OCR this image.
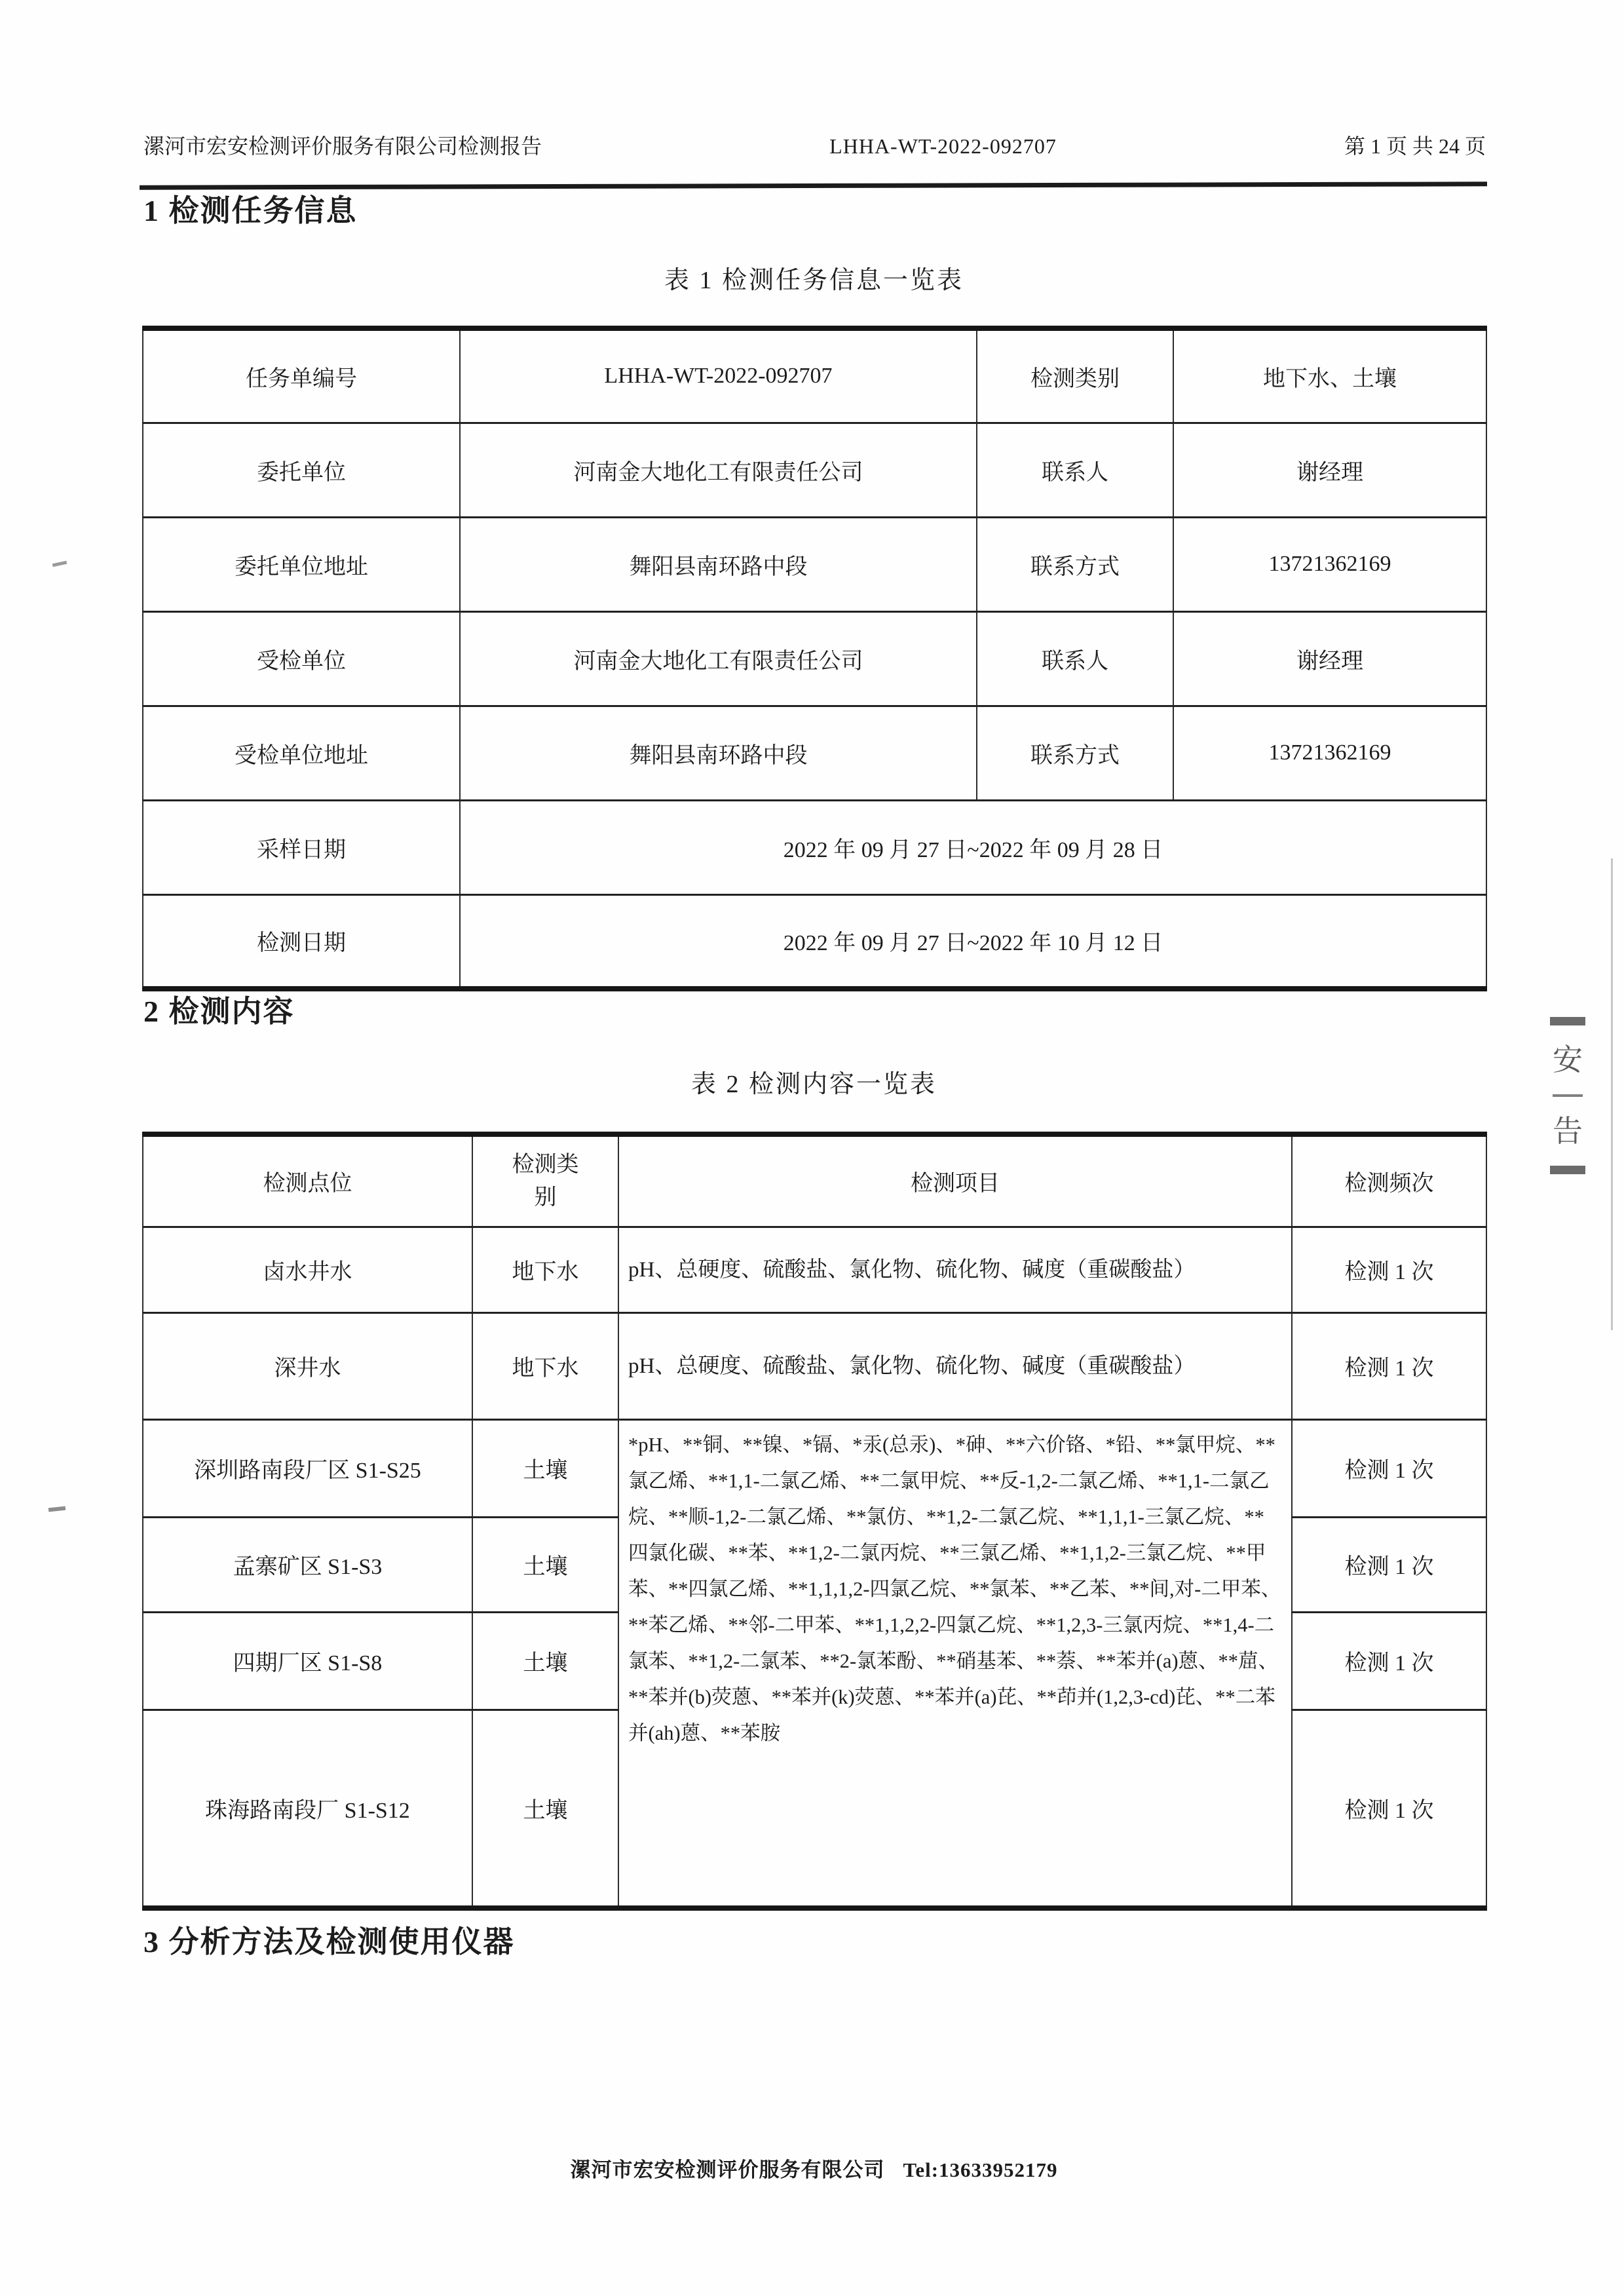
漯河市宏安检测评价服务有限公司检测报告	LHHA-WT-2022-092707	第 1 页 共 24 页
1 检测任务信息
表 1 检测任务信息一览表
任务单编号	LHHA-WT-2022-092707	检测类别	地下水、土壤
委托单位	河南金大地化工有限责任公司	联系人	谢经理
委托单位地址	舞阳县南环路中段	联系方式	13721362169
受检单位	河南金大地化工有限责任公司	联系人	谢经理
受检单位地址	舞阳县南环路中段	联系方式	13721362169
采样日期	2022 年 09 月 27 日~2022 年 09 月 28 日		
检测日期	2022 年 09 月 27 日~2022 年 10 月 12 日		
2 检测内容
表 2 检测内容一览表
检测点位	检测类别	检测项目	检测频次
卤水井水	地下水	pH、总硬度、硫酸盐、氯化物、硫化物、碱度（重碳酸盐）	检测 1 次
深井水	地下水	pH、总硬度、硫酸盐、氯化物、硫化物、碱度（重碳酸盐）	检测 1 次
深圳路南段厂区 S1-S25	土壤	*pH、**铜、**镍、*镉、*汞(总汞)、*砷、**六价铬、*铅、**氯甲烷、**氯乙烯、**1,1-二氯乙烯、**二氯甲烷、**反-1,2-二氯乙烯、**1,1-二氯乙烷、**顺-1,2-二氯乙烯、**氯仿、**1,2-二氯乙烷、**1,1,1-三氯乙烷、**四氯化碳、**苯、**1,2-二氯丙烷、**三氯乙烯、**1,1,2-三氯乙烷、**甲苯、**四氯乙烯、**1,1,1,2-四氯乙烷、**氯苯、**乙苯、**间,对-二甲苯、**苯乙烯、**邻-二甲苯、**1,1,2,2-四氯乙烷、**1,2,3-三氯丙烷、**1,4-二氯苯、**1,2-二氯苯、**2-氯苯酚、**硝基苯、**萘、**苯并(a)蒽、**䓛、**苯并(b)荧蒽、**苯并(k)荧蒽、**苯并(a)芘、**茚并(1,2,3-cd)芘、**二苯并(ah)蒽、**苯胺	检测 1 次
孟寨矿区 S1-S3	土壤		检测 1 次
四期厂区 S1-S8	土壤		检测 1 次
珠海路南段厂 S1-S12	土壤		检测 1 次
3 分析方法及检测使用仪器
漯河市宏安检测评价服务有限公司 Tel:13633952179
安
告
